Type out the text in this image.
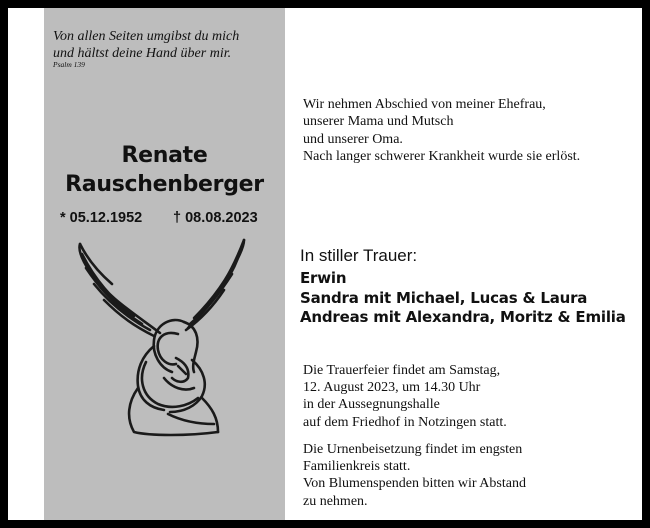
Von allen Seiten umgibst du mich
und hältst deine Hand über mir.
Psalm 139
Renate
Rauschenberger
* 05.12.1952 † 08.08.2023
Wir nehmen Abschied von meiner Ehefrau,
unserer Mama und Mutsch
und unserer Oma.
Nach langer schwerer Krankheit wurde sie erlöst.
In stiller Trauer:
Erwin
Sandra mit Michael, Lucas & Laura
Andreas mit Alexandra, Moritz & Emilia
Die Trauerfeier findet am Samstag,
12. August 2023, um 14.30 Uhr
in der Aussegnungshalle
auf dem Friedhof in Notzingen statt.
Die Urnenbeisetzung findet im engsten
Familienkreis statt.
Von Blumenspenden bitten wir Abstand
zu nehmen.
